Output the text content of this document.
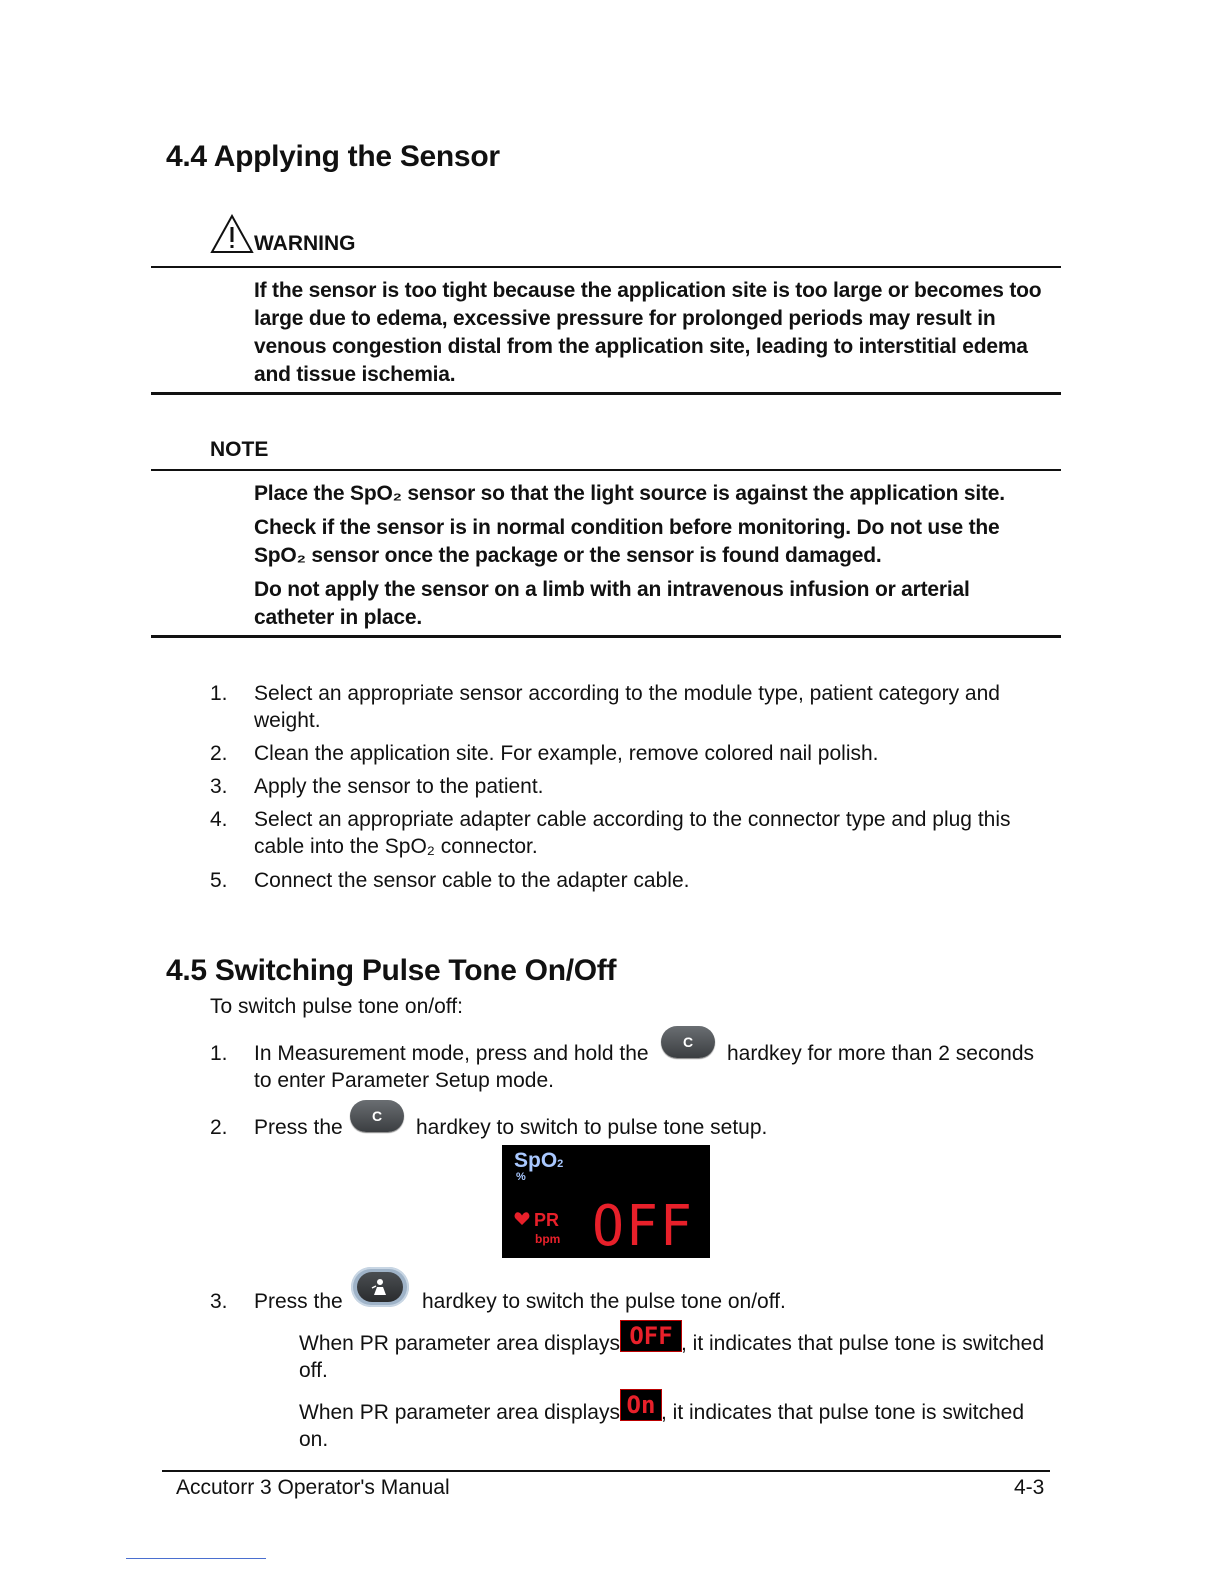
4.4 Applying the Sensor
WARNING
If the sensor is too tight because the application site is too large or becomes too large due to edema, excessive pressure for prolonged periods may result in venous congestion distal from the application site, leading to interstitial edema and tissue ischemia.
NOTE
Place the SpO₂ sensor so that the light source is against the application site.
Check if the sensor is in normal condition before monitoring. Do not use the SpO₂ sensor once the package or the sensor is found damaged.
Do not apply the sensor on a limb with an intravenous infusion or arterial catheter in place.
1. Select an appropriate sensor according to the module type, patient category and weight.
2. Clean the application site. For example, remove colored nail polish.
3. Apply the sensor to the patient.
4. Select an appropriate adapter cable according to the connector type and plug this cable into the SpO₂ connector.
5. Connect the sensor cable to the adapter cable.
4.5 Switching Pulse Tone On/Off
To switch pulse tone on/off:
1. In Measurement mode, press and hold the C hardkey for more than 2 seconds
to enter Parameter Setup mode.
2. Press the C hardkey to switch to pulse tone setup.
SpO2
%
PR
bpm OFF
3. Press the	hardkey to switch the pulse tone on/off.
When PR parameter area displays OFF , it indicates that pulse tone is switched
off.
When PR parameter area displays On , it indicates that pulse tone is switched
on.
Accutorr 3 Operator's Manual	4-3
